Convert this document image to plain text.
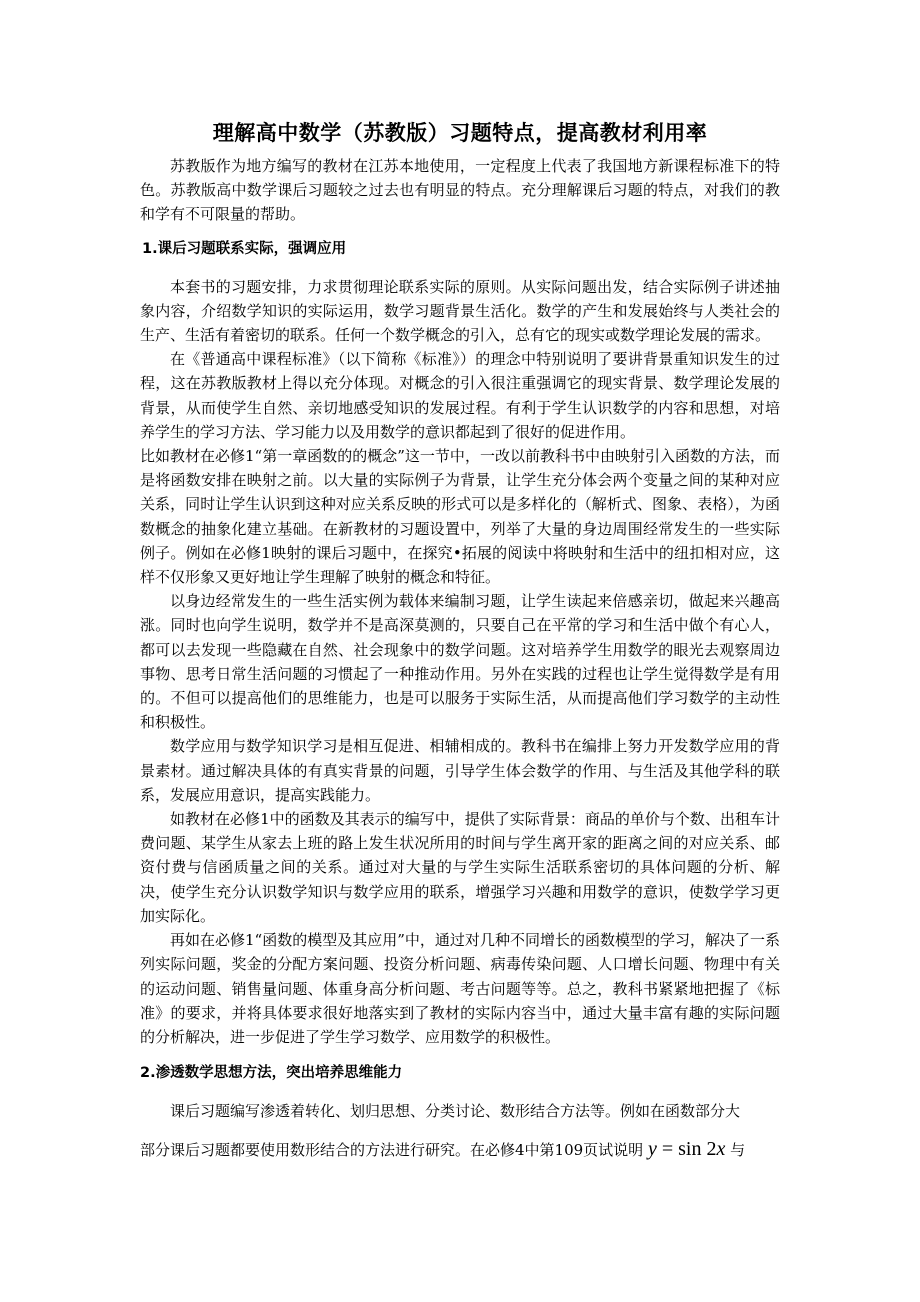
理解高中数学（苏教版）习题特点，提高教材利用率

苏教版作为地方编写的教材在江苏本地使用，一定程度上代表了我国地方新课程标准下的特色。苏教版高中数学课后习题较之过去也有明显的特点。充分理解课后习题的特点，对我们的教和学有不可限量的帮助。

1.课后习题联系实际，强调应用

本套书的习题安排，力求贯彻理论联系实际的原则。从实际问题出发，结合实际例子讲述抽象内容，介绍数学知识的实际运用，数学习题背景生活化。数学的产生和发展始终与人类社会的生产、生活有着密切的联系。任何一个数学概念的引入，总有它的现实或数学理论发展的需求。

在《普通高中课程标准》（以下简称《标准》）的理念中特别说明了要讲背景重知识发生的过程，这在苏教版教材上得以充分体现。对概念的引入很注重强调它的现实背景、数学理论发展的背景，从而使学生自然、亲切地感受知识的发展过程。有利于学生认识数学的内容和思想，对培养学生的学习方法、学习能力以及用数学的意识都起到了很好的促进作用。

比如教材在必修1“第一章函数的的概念”这一节中，一改以前教科书中由映射引入函数的方法，而是将函数安排在映射之前。以大量的实际例子为背景，让学生充分体会两个变量之间的某种对应关系，同时让学生认识到这种对应关系反映的形式可以是多样化的（解析式、图象、表格），为函数概念的抽象化建立基础。在新教材的习题设置中，列举了大量的身边周围经常发生的一些实际例子。例如在必修1映射的课后习题中，在探究•拓展的阅读中将映射和生活中的纽扣相对应，这样不仅形象又更好地让学生理解了映射的概念和特征。

以身边经常发生的一些生活实例为载体来编制习题，让学生读起来倍感亲切，做起来兴趣高涨。同时也向学生说明，数学并不是高深莫测的，只要自己在平常的学习和生活中做个有心人，都可以去发现一些隐藏在自然、社会现象中的数学问题。这对培养学生用数学的眼光去观察周边事物、思考日常生活问题的习惯起了一种推动作用。另外在实践的过程也让学生觉得数学是有用的。不但可以提高他们的思维能力，也是可以服务于实际生活，从而提高他们学习数学的主动性和积极性。

数学应用与数学知识学习是相互促进、相辅相成的。教科书在编排上努力开发数学应用的背景素材。通过解决具体的有真实背景的问题，引导学生体会数学的作用、与生活及其他学科的联系，发展应用意识，提高实践能力。

如教材在必修1中的函数及其表示的编写中，提供了实际背景：商品的单价与个数、出租车计费问题、某学生从家去上班的路上发生状况所用的时间与学生离开家的距离之间的对应关系、邮资付费与信函质量之间的关系。通过对大量的与学生实际生活联系密切的具体问题的分析、解决，使学生充分认识数学知识与数学应用的联系，增强学习兴趣和用数学的意识，使数学学习更加实际化。

再如在必修1“函数的模型及其应用”中，通过对几种不同增长的函数模型的学习，解决了一系列实际问题，奖金的分配方案问题、投资分析问题、病毒传染问题、人口增长问题、物理中有关的运动问题、销售量问题、体重身高分析问题、考古问题等等。总之，教科书紧紧地把握了《标准》的要求，并将具体要求很好地落实到了教材的实际内容当中，通过大量丰富有趣的实际问题的分析解决，进一步促进了学生学习数学、应用数学的积极性。

2.渗透数学思想方法，突出培养思维能力

课后习题编写渗透着转化、划归思想、分类讨论、数形结合方法等。例如在函数部分大

部分课后习题都要使用数形结合的方法进行研究。在必修4中第109页试说明 y = sin 2x 与
